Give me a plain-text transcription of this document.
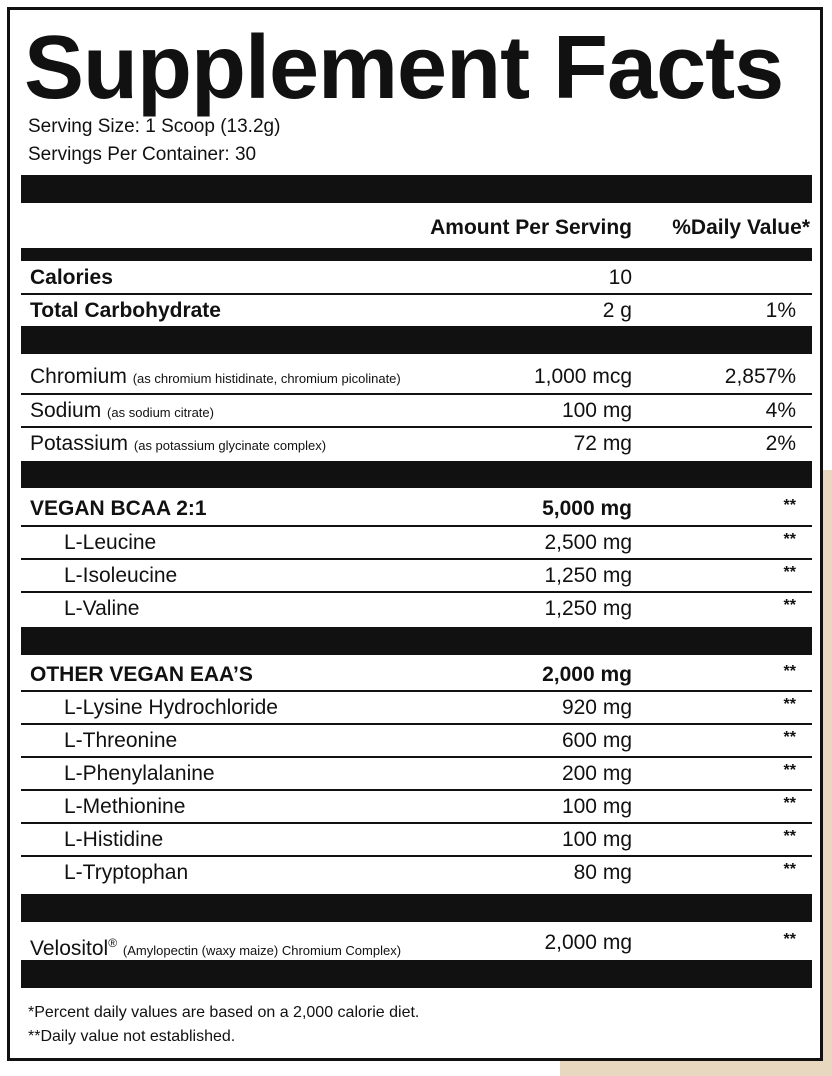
Supplement Facts
Serving Size: 1 Scoop (13.2g)
Servings Per Container: 30
Amount Per Serving %Daily Value*
Calories	10
Total Carbohydrate	2 g	1%
Chromium (as chromium histidinate, chromium picolinate)	1,000 mcg	2,857%
Sodium (as sodium citrate)	100 mg	4%
Potassium (as potassium glycinate complex)	72 mg	2%
VEGAN BCAA 2:1	5,000 mg	**
L-Leucine	2,500 mg	**
L-Isoleucine	1,250 mg	**
L-Valine	1,250 mg	**
OTHER VEGAN EAA’S	2,000 mg	**
L-Lysine Hydrochloride	920 mg	**
L-Threonine	600 mg	**
L-Phenylalanine	200 mg	**
L-Methionine	100 mg	**
L-Histidine	100 mg	**
L-Tryptophan	80 mg	**
Velositol® (Amylopectin (waxy maize) Chromium Complex)	2,000 mg	**
*Percent daily values are based on a 2,000 calorie diet.
**Daily value not established.
